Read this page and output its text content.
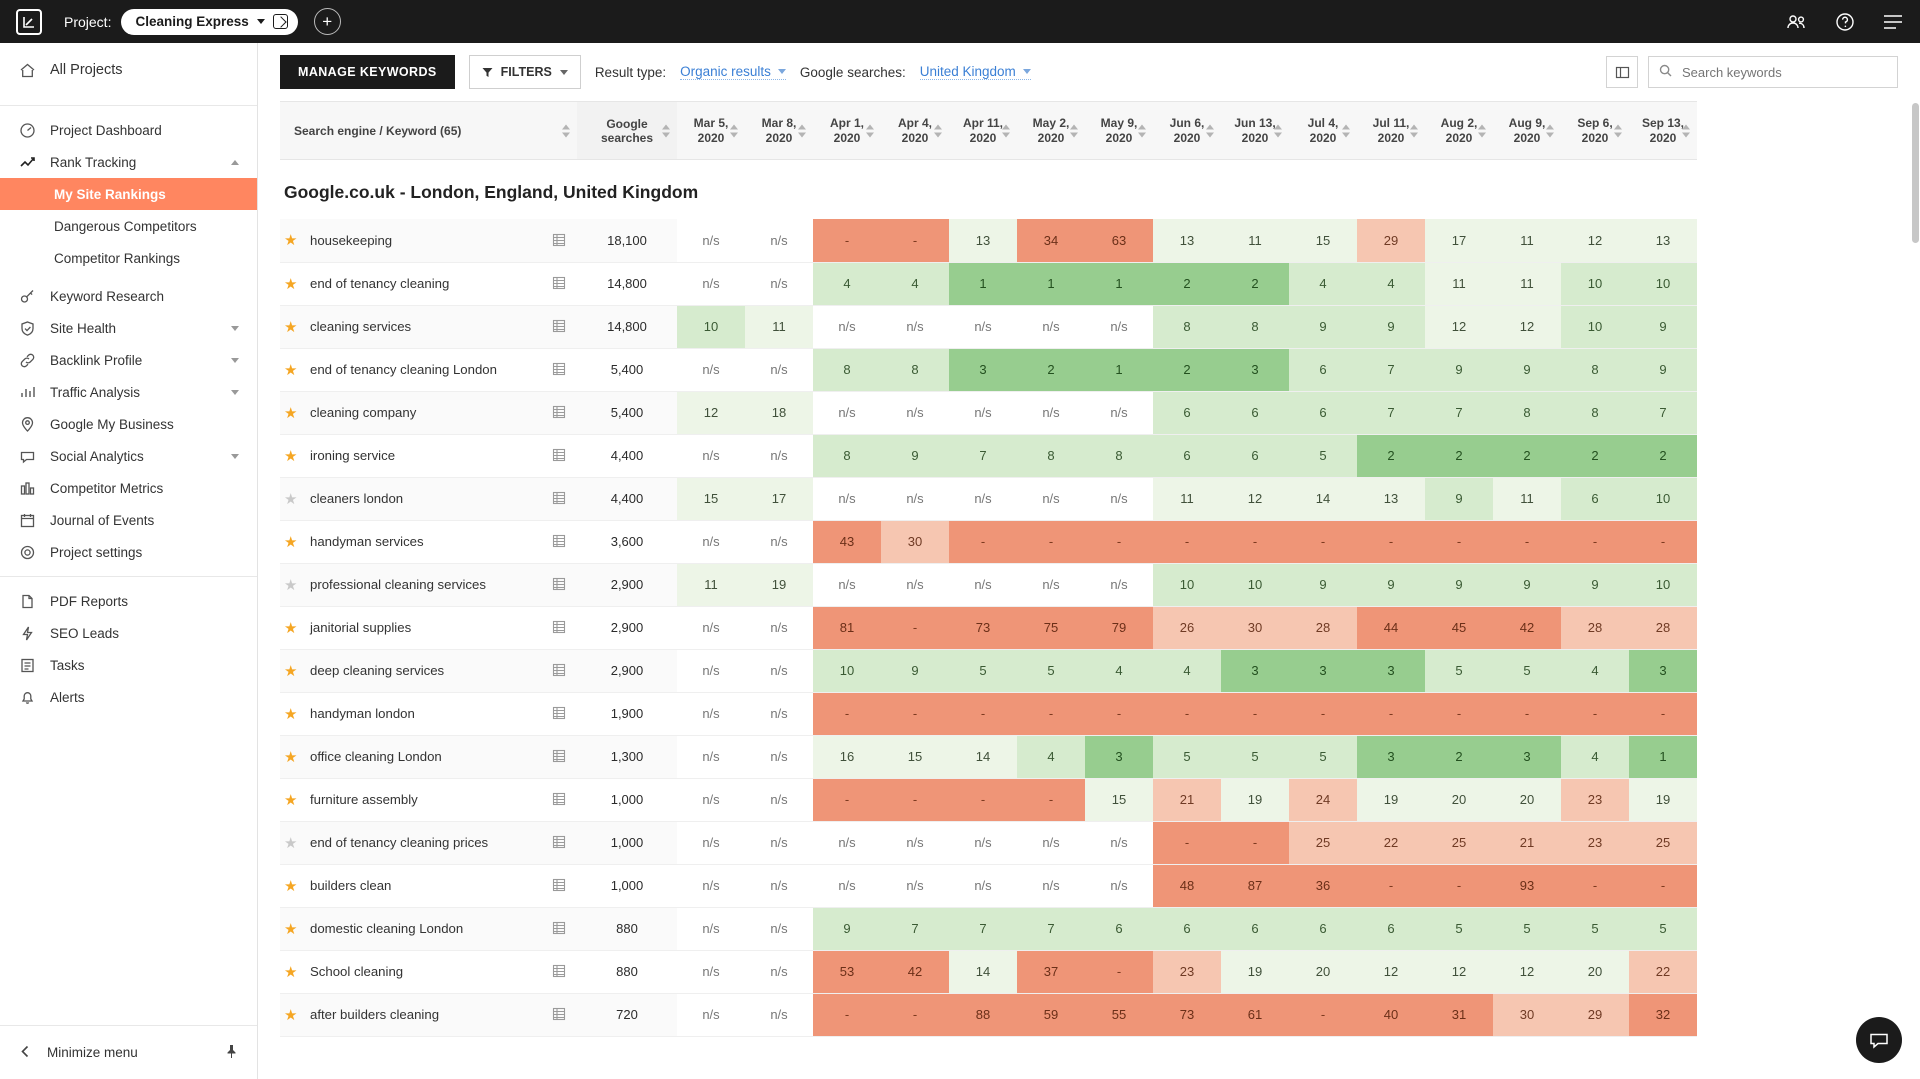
Project: Cleaning Express	+
All Projects
Project Dashboard
Rank Tracking
My Site Rankings
Dangerous Competitors
Competitor Rankings
Keyword Research
Site Health
Backlink Profile
Traffic Analysis
Google My Business
Social Analytics
Competitor Metrics
Journal of Events
Project settings
PDF Reports
SEO Leads
Tasks
Alerts
Minimize menu
MANAGE KEYWORDS	FILTERS	Result type: Organic results Google searches: United Kingdom
Search keywords
Search engine / Keyword (65)	Google searches	Mar 5,
2020	Mar 8,
2020	Apr 1,
2020	Apr 4,
2020	Apr 11,
2020	May 2,
2020	May 9,
2020	Jun 6,
2020	Jun 13,
2020	Jul 4,
2020	Jul 11,
2020	Aug 2,
2020	Aug 9,
2020	Sep 6,
2020	Sep 13,
2020

Google.co.uk - London, England, United Kingdom																

★ housekeeping	18,100	n/s	n/s	-	-	13	34	63	13	11	15	29	17	11	12	13

★ end of tenancy cleaning	14,800	n/s	n/s	4	4	1	1	1	2	2	4	4	11	11	10	10

★ cleaning services	14,800	10	11	n/s	n/s	n/s	n/s	n/s	8	8	9	9	12	12	10	9

★ end of tenancy cleaning London	5,400	n/s	n/s	8	8	3	2	1	2	3	6	7	9	9	8	9

★ cleaning company	5,400	12	18	n/s	n/s	n/s	n/s	n/s	6	6	6	7	7	8	8	7

★ ironing service	4,400	n/s	n/s	8	9	7	8	8	6	6	5	2	2	2	2	2

★ cleaners london	4,400	15	17	n/s	n/s	n/s	n/s	n/s	11	12	14	13	9	11	6	10

★ handyman services	3,600	n/s	n/s	43	30	-	-	-	-	-	-	-	-	-	-	-

★ professional cleaning services	2,900	11	19	n/s	n/s	n/s	n/s	n/s	10	10	9	9	9	9	9	10

★ janitorial supplies	2,900	n/s	n/s	81	-	73	75	79	26	30	28	44	45	42	28	28

★ deep cleaning services	2,900	n/s	n/s	10	9	5	5	4	4	3	3	3	5	5	4	3

★ handyman london	1,900	n/s	n/s	-	-	-	-	-	-	-	-	-	-	-	-	-

★ office cleaning London	1,300	n/s	n/s	16	15	14	4	3	5	5	5	3	2	3	4	1

★ furniture assembly	1,000	n/s	n/s	-	-	-	-	15	21	19	24	19	20	20	23	19

★ end of tenancy cleaning prices	1,000	n/s	n/s	n/s	n/s	n/s	n/s	n/s	-	-	25	22	25	21	23	25

★ builders clean	1,000	n/s	n/s	n/s	n/s	n/s	n/s	n/s	48	87	36	-	-	93	-	-

★ domestic cleaning London	880	n/s	n/s	9	7	7	7	6	6	6	6	6	5	5	5	5

★ School cleaning	880	n/s	n/s	53	42	14	37	-	23	19	20	12	12	12	20	22

★ after builders cleaning	720	n/s	n/s	-	-	88	59	55	73	61	-	40	31	30	29	32
